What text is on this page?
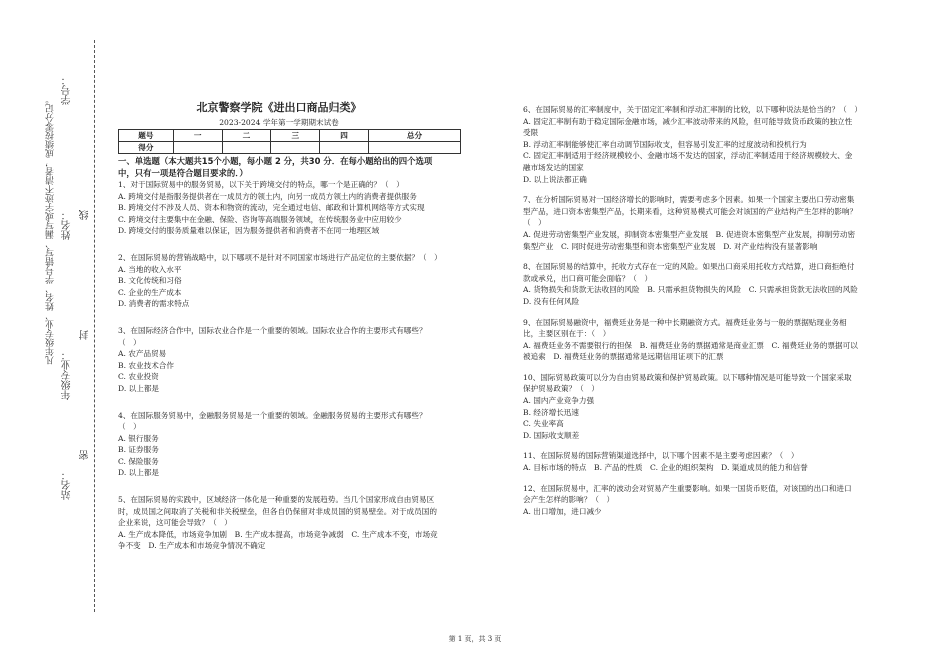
线
封
密
学号：
姓名：
年级专业：
站名：
凡年级专业、姓名、学号错写、漏写或字迹不清者，成绩按零分记。	北京警察学院《进出口商品归类》
2023-2024 学年第一学期期末试卷
题号	一	二	三	四	总分
得分					
一、单选题（本大题共15个小题，每小题 2 分，共30 分．在每小题给出的四个选项中，只有一项是符合题目要求的．）

1、对于国际贸易中的服务贸易，以下关于跨境交付的特点，哪一个是正确的？（　）

A. 跨境交付是指服务提供者在一成员方的领土内，向另一成员方领土内的消费者提供服务

B. 跨境交付不涉及人员、资本和物资的流动，完全通过电信、邮政和计算机网络等方式实现

C. 跨境交付主要集中在金融、保险、咨询等高端服务领域，在传统服务业中应用较少

D. 跨境交付的服务质量难以保证，因为服务提供者和消费者不在同一地理区域

2、在国际贸易的营销战略中，以下哪项不是针对不同国家市场进行产品定位的主要依据？（　）

A. 当地的收入水平

B. 文化传统和习俗

C. 企业的生产成本

D. 消费者的需求特点

3、在国际经济合作中，国际农业合作是一个重要的领域。国际农业合作的主要形式有哪些？（　）

A. 农产品贸易

B. 农业技术合作

C. 农业投资

D. 以上都是

4、在国际服务贸易中，金融服务贸易是一个重要的领域。金融服务贸易的主要形式有哪些？（　）

A. 银行服务

B. 证券服务

C. 保险服务

D. 以上都是

5、在国际贸易的实践中，区域经济一体化是一种重要的发展趋势。当几个国家形成自由贸易区时，成员国之间取消了关税和非关税壁垒，但各自仍保留对非成员国的贸易壁垒。对于成员国的企业来说，这可能会导致？（　）

A. 生产成本降低，市场竞争加剧　B. 生产成本提高，市场竞争减弱　C. 生产成本不变，市场竞争不变　D. 生产成本和市场竞争情况不确定

6、在国际贸易的汇率制度中，关于固定汇率制和浮动汇率制的比较，以下哪种说法是恰当的？（　）

A. 固定汇率制有助于稳定国际金融市场，减少汇率波动带来的风险，但可能导致货币政策的独立性受限

B. 浮动汇率制能够使汇率自动调节国际收支，但容易引发汇率的过度波动和投机行为

C. 固定汇率制适用于经济规模较小、金融市场不发达的国家，浮动汇率制适用于经济规模较大、金融市场发达的国家

D. 以上说法都正确

7、在分析国际贸易对一国经济增长的影响时，需要考虑多个因素。如果一个国家主要出口劳动密集型产品，进口资本密集型产品，长期来看，这种贸易模式可能会对该国的产业结构产生怎样的影响？（　）

A. 促进劳动密集型产业发展，抑制资本密集型产业发展　B. 促进资本密集型产业发展，抑制劳动密集型产业　C. 同时促进劳动密集型和资本密集型产业发展　D. 对产业结构没有显著影响

8、在国际贸易的结算中，托收方式存在一定的风险。如果出口商采用托收方式结算，进口商拒绝付款或承兑，出口商可能会面临？（　）

A. 货物损失和货款无法收回的风险　B. 只需承担货物损失的风险　C. 只需承担货款无法收回的风险　D. 没有任何风险

9、在国际贸易融资中，福费廷业务是一种中长期融资方式。福费廷业务与一般的票据贴现业务相比，主要区别在于：（　）

A. 福费廷业务不需要银行的担保　B. 福费廷业务的票据通常是商业汇票　C. 福费廷业务的票据可以被追索　D. 福费廷业务的票据通常是远期信用证项下的汇票

10、国际贸易政策可以分为自由贸易政策和保护贸易政策。以下哪种情况是可能导致一个国家采取保护贸易政策？（　）

A. 国内产业竞争力强

B. 经济增长迅速

C. 失业率高

D. 国际收支顺差

11、在国际贸易的国际营销渠道选择中，以下哪个因素不是主要考虑因素？（　）

A. 目标市场的特点　B. 产品的性质　C. 企业的组织架构　D. 渠道成员的能力和信誉

12、在国际贸易中，汇率的波动会对贸易产生重要影响。如果一国货币贬值，对该国的出口和进口会产生怎样的影响？（　）

A. 出口增加，进口减少

第 1 页，共 3 页
